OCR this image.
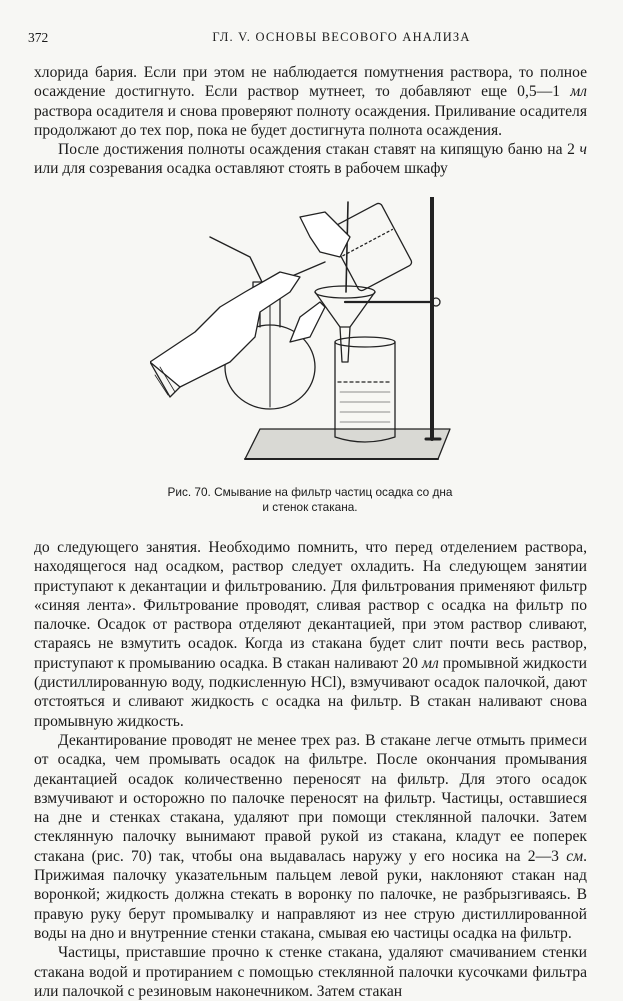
372	ГЛ. V. ОСНОВЫ ВЕСОВОГО АНАЛИЗА

хлорида бария. Если при этом не наблюдается помутнения раствора, то полное осаждение достигнуто. Если раствор мутнеет, то добавляют еще 0,5—1 мл раствора осадителя и снова проверяют полноту осаждения. Приливание осадителя продолжают до тех пор, пока не будет достигнута полнота осаждения.

После достижения полноты осаждения стакан ставят на кипящую баню на 2 ч или для созревания осадка оставляют стоять в рабочем шкафу

Рис. 70. Смывание на фильтр частиц осадка со дна
и стенок стакана.

до следующего занятия. Необходимо помнить, что перед отделением раствора, находящегося над осадком, раствор следует охладить. На следующем занятии приступают к декантации и фильтрованию. Для фильтрования применяют фильтр «синяя лента». Фильтрование проводят, сливая раствор с осадка на фильтр по палочке. Осадок от раствора отделяют декантацией, при этом раствор сливают, стараясь не взмутить осадок. Когда из стакана будет слит почти весь раствор, приступают к промыванию осадка. В стакан наливают 20 мл промывной жидкости (дистиллированную воду, подкисленную HCl), взмучивают осадок палочкой, дают отстояться и сливают жидкость с осадка на фильтр. В стакан наливают снова промывную жидкость.

Декантирование проводят не менее трех раз. В стакане легче отмыть примеси от осадка, чем промывать осадок на фильтре. После окончания промывания декантацией осадок количественно переносят на фильтр. Для этого осадок взмучивают и осторожно по палочке переносят на фильтр. Частицы, оставшиеся на дне и стенках стакана, удаляют при помощи стеклянной палочки. Затем стеклянную палочку вынимают правой рукой из стакана, кладут ее поперек стакана (рис. 70) так, чтобы она выдавалась наружу у его носика на 2—3 см. Прижимая палочку указательным пальцем левой руки, наклоняют стакан над воронкой; жидкость должна стекать в воронку по палочке, не разбрызгиваясь. В правую руку берут промывалку и направляют из нее струю дистиллированной воды на дно и внутренние стенки стакана, смывая ею частицы осадка на фильтр.

Частицы, приставшие прочно к стенке стакана, удаляют смачиванием стенки стакана водой и протиранием с помощью стеклянной палочки кусочками фильтра или палочкой с резиновым наконечником. Затем стакан
